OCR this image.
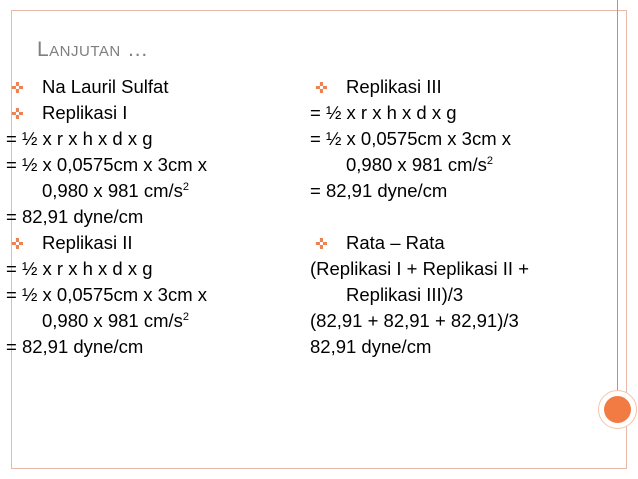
Lanjutan …
✜ Na Lauril Sulfat
✜ Replikasi I
= ½ x r x h x d x g
= ½ x 0,0575cm x 3cm x
0,980 x 981 $cm/s^2$
= 82,91 dyne/cm
✜ Replikasi II
= ½ x r x h x d x g
= ½ x 0,0575cm x 3cm x
0,980 x 981 $cm/s^2$
= 82,91 dyne/cm
✜ Replikasi III
= ½ x r x h x d x g
= ½ x 0,0575cm x 3cm x
0,980 x 981 $cm/s^2$
= 82,91 dyne/cm
✜ Rata – Rata
(Replikasi I + Replikasi II +
Replikasi III)/3
(82,91 + 82,91 + 82,91)/3
82,91 dyne/cm
